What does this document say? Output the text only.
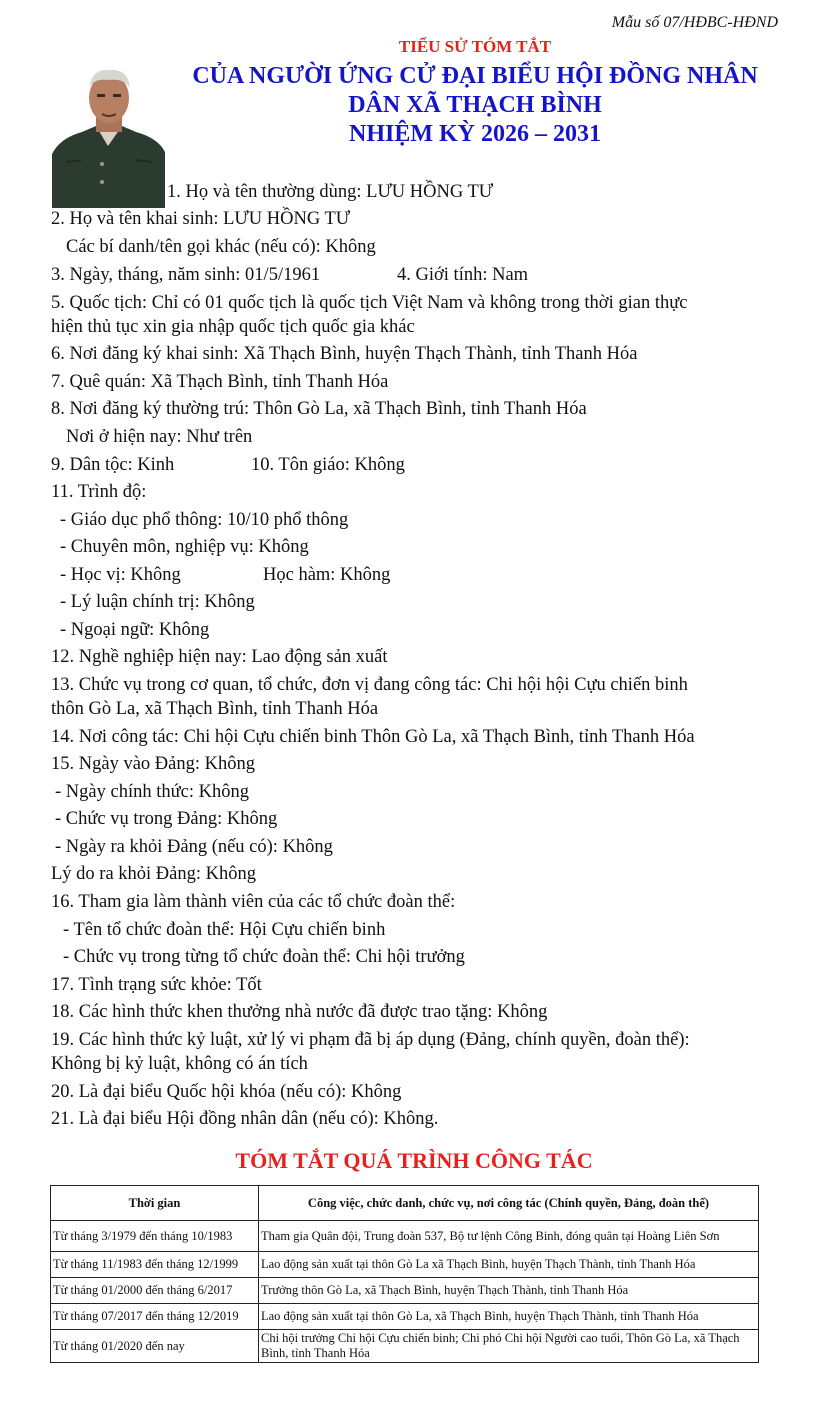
Mẫu số 07/HĐBC-HĐND
TIỂU SỬ TÓM TẮT
CỦA NGƯỜI ỨNG CỬ ĐẠI BIỂU HỘI ĐỒNG NHÂN
DÂN XÃ THẠCH BÌNH
NHIỆM KỲ 2026 – 2031
1. Họ và tên thường dùng: LƯU HỒNG TƯ
2. Họ và tên khai sinh: LƯU HỒNG TƯ
Các bí danh/tên gọi khác (nếu có): Không
3. Ngày, tháng, năm sinh: 01/5/1961	4. Giới tính: Nam
5. Quốc tịch: Chỉ có 01 quốc tịch là quốc tịch Việt Nam và không trong thời gian thực
hiện thủ tục xin gia nhập quốc tịch quốc gia khác
6. Nơi đăng ký khai sinh: Xã Thạch Bình, huyện Thạch Thành, tỉnh Thanh Hóa
7. Quê quán: Xã Thạch Bình, tỉnh Thanh Hóa
8. Nơi đăng ký thường trú: Thôn Gò La, xã Thạch Bình, tỉnh Thanh Hóa
Nơi ở hiện nay: Như trên
9. Dân tộc: Kinh	10. Tôn giáo: Không
11. Trình độ:
- Giáo dục phổ thông: 10/10 phổ thông
- Chuyên môn, nghiệp vụ: Không
- Học vị: Không	Học hàm: Không
- Lý luận chính trị: Không
- Ngoại ngữ: Không
12. Nghề nghiệp hiện nay: Lao động sản xuất
13. Chức vụ trong cơ quan, tổ chức, đơn vị đang công tác: Chi hội hội Cựu chiến binh
thôn Gò La, xã Thạch Bình, tỉnh Thanh Hóa
14. Nơi công tác: Chi hội Cựu chiến binh Thôn Gò La, xã Thạch Bình, tỉnh Thanh Hóa
15. Ngày vào Đảng: Không
- Ngày chính thức: Không
- Chức vụ trong Đảng: Không
- Ngày ra khỏi Đảng (nếu có): Không
Lý do ra khỏi Đảng: Không
16. Tham gia làm thành viên của các tổ chức đoàn thể:
- Tên tổ chức đoàn thể: Hội Cựu chiến binh
- Chức vụ trong từng tổ chức đoàn thể: Chi hội trưởng
17. Tình trạng sức khỏe: Tốt
18. Các hình thức khen thưởng nhà nước đã được trao tặng: Không
19. Các hình thức kỷ luật, xử lý vi phạm đã bị áp dụng (Đảng, chính quyền, đoàn thể):
Không bị kỷ luật, không có án tích
20. Là đại biểu Quốc hội khóa (nếu có): Không
21. Là đại biểu Hội đồng nhân dân (nếu có): Không.
TÓM TẮT QUÁ TRÌNH CÔNG TÁC
Thời gian	Công việc, chức danh, chức vụ, nơi công tác (Chính quyền, Đảng, đoàn thể)
Từ tháng 3/1979 đến tháng 10/1983	Tham gia Quân đội, Trung đoàn 537, Bộ tư lệnh Công Binh, đóng quân tại Hoàng Liên Sơn
Từ tháng 11/1983 đến tháng 12/1999	Lao động sản xuất tại thôn Gò La xã Thạch Bình, huyện Thạch Thành, tỉnh Thanh Hóa
Từ tháng 01/2000 đến tháng 6/2017	Trưởng thôn Gò La, xã Thạch Bình, huyện Thạch Thành, tỉnh Thanh Hóa
Từ tháng 07/2017 đến tháng 12/2019	Lao động sản xuất tại thôn Gò La, xã Thạch Bình, huyện Thạch Thành, tỉnh Thanh Hóa
Từ tháng 01/2020 đến nay	Chi hội trưởng Chi hội Cựu chiến binh; Chi phó Chi hội Người cao tuổi, Thôn Gò La, xã Thạch Bình, tỉnh Thanh Hóa
